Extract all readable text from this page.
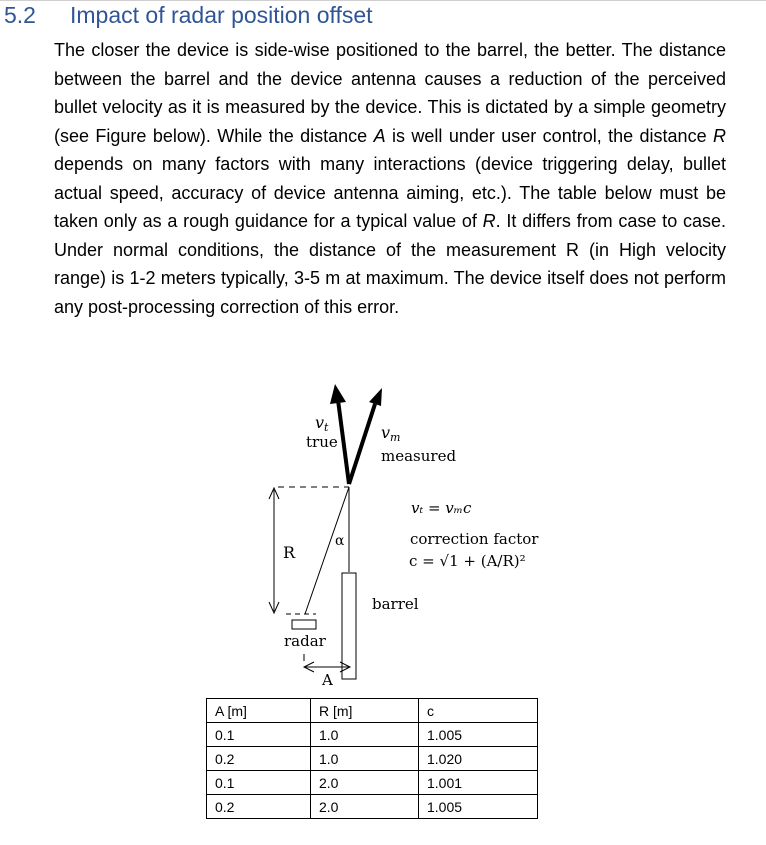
5.2 Impact of radar position offset

The closer the device is side-wise positioned to the barrel, the better. The distance between the barrel and the device antenna causes a reduction of the perceived bullet velocity as it is measured by the device. This is dictated by a simple geometry (see Figure below). While the distance A is well under user control, the distance R depends on many factors with many interactions (device triggering delay, bullet actual speed, accuracy of device antenna aiming, etc.). The table below must be taken only as a rough guidance for a typical value of R. It differs from case to case. Under normal conditions, the distance of the measurement R (in High velocity range) is 1-2 meters typically, 3-5 m at maximum. The device itself does not perform any post-processing correction of this error.

R
α
barrel
radar
A
vt
true	vm
measured
vₜ = vₘc
correction factor
c = √1 + (A/R)²
A [m]	R [m]	c
0.1	1.0	1.005
0.2	1.0	1.020
0.1	2.0	1.001
0.2	2.0	1.005
